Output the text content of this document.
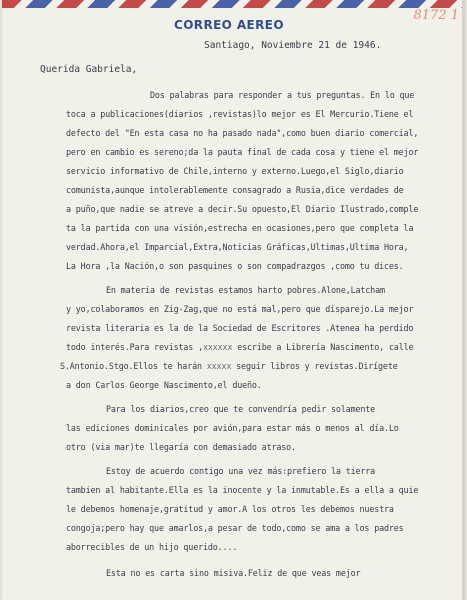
CORREO AEREO
8172 1
Santiago, Noviembre 21 de 1946.
Querida Gabriela,
Dos palabras para responder a tus preguntas. En lo que
toca a publicaciones(diarios ,revistas)lo mejor es El Mercurio.Tiene el
defecto del "En esta casa no ha pasado nada",como buen diario comercial,
pero en cambio es sereno;da la pauta final de cada cosa y tiene el mejor
servicio informativo de Chile,interno y externo.Luego,el Siglo,diario
comunista,aunque intolerablemente consagrado a Rusia,dice verdades de
a puño,que nadie se atreve a decir.Su opuesto,El Diario Ilustrado,comple
ta la partida con una visión,estrecha en ocasiones,pero que completa la
verdad.Ahora,el Imparcial,Extra,Noticias Gráficas,Ultimas,Ultima Hora,
La Hora ,la Nación,o son pasquines o son compadrazgos ,como tu dices.
En materia de revistas estamos harto pobres.Alone,Latcham
y yo,colaboramos en Zig-Zag,que no está mal,pero que disparejo.La mejor
revista literaria es la de la Sociedad de Escritores .Atenea ha perdido
todo interés.Para revistas ,xxxxxx escribe a Librería Nascimento, calle
S.Antonio.Stgo.Ellos te harán xxxxx seguir libros y revistas.Dirígete
a don Carlos George Nascimento,el dueño.
Para los diarios,creo que te convendría pedir solamente
las ediciones dominicales por avión,para estar más o menos al día.Lo
otro (via mar)te llegaría con demasiado atraso.
Estoy de acuerdo contigo una vez más:prefiero la tierra
tambien al habitante.Ella es la inocente y la inmutable.Es a ella a quie
le debemos homenaje,gratitud y amor.A los otros les debemos nuestra
congoja;pero hay que amarlos,a pesar de todo,como se ama a los padres
aborrecibles de un hijo querido....
Esta no es carta sino misiva.Feliz de que veas mejor
